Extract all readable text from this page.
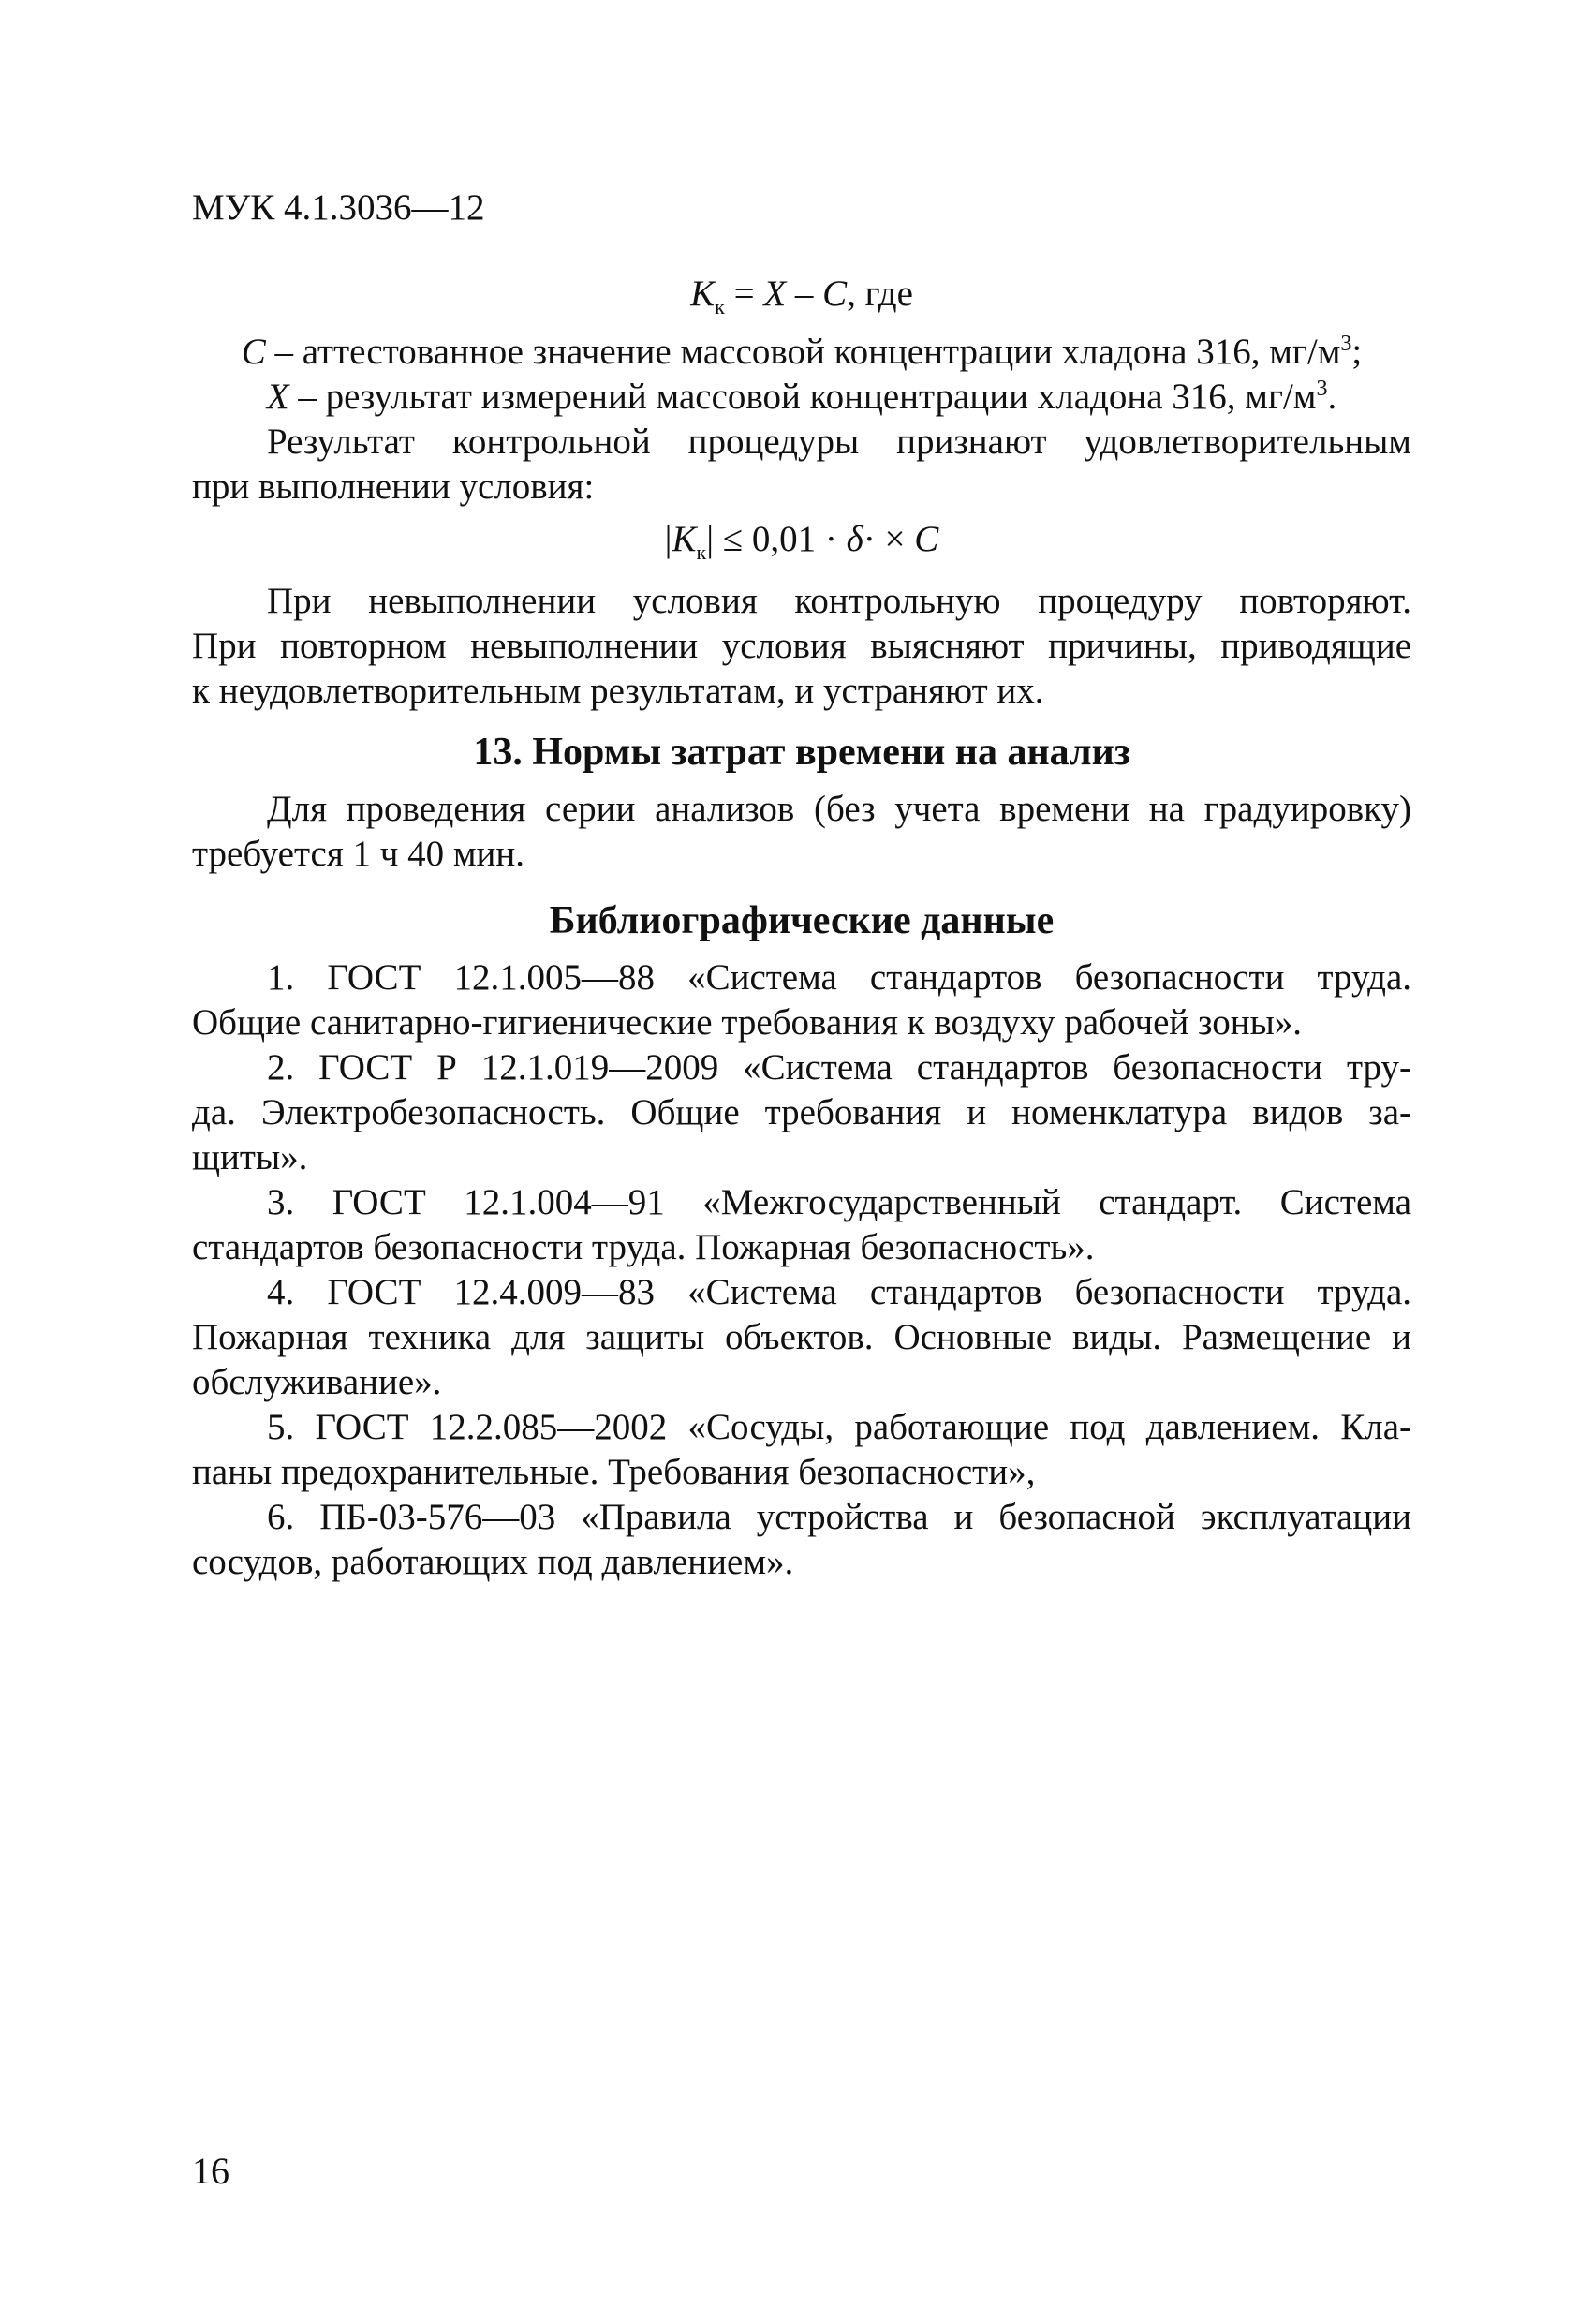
МУК 4.1.3036—12
$K_к = X - C$, где
C – аттестованное значение массовой концентрации хладона 316, $мг/м^3$;
X – результат измерений массовой концентрации хладона 316, $мг/м^3$.
Результат контрольной процедуры признают удовлетворительным
при выполнении условия:
$|K_к| \le 0,01 \cdot \delta\cdot \times C$
При невыполнении условия контрольную процедуру повторяют.
При повторном невыполнении условия выясняют причины, приводящие
к неудовлетворительным результатам, и устраняют их.
13. Нормы затрат времени на анализ
Для проведения серии анализов (без учета времени на градуировку)
требуется 1 ч 40 мин.
Библиографические данные
1. ГОСТ 12.1.005—88 «Система стандартов безопасности труда.
Общие санитарно-гигиенические требования к воздуху рабочей зоны».
2. ГОСТ Р 12.1.019—2009 «Система стандартов безопасности тру-
да. Электробезопасность. Общие требования и номенклатура видов за-
щиты».
3. ГОСТ 12.1.004—91 «Межгосударственный стандарт. Система
стандартов безопасности труда. Пожарная безопасность».
4. ГОСТ 12.4.009—83 «Система стандартов безопасности труда.
Пожарная техника для защиты объектов. Основные виды. Размещение и
обслуживание».
5. ГОСТ 12.2.085—2002 «Сосуды, работающие под давлением. Кла-
паны предохранительные. Требования безопасности»,
6. ПБ-03-576—03 «Правила устройства и безопасной эксплуатации
сосудов, работающих под давлением».
16
